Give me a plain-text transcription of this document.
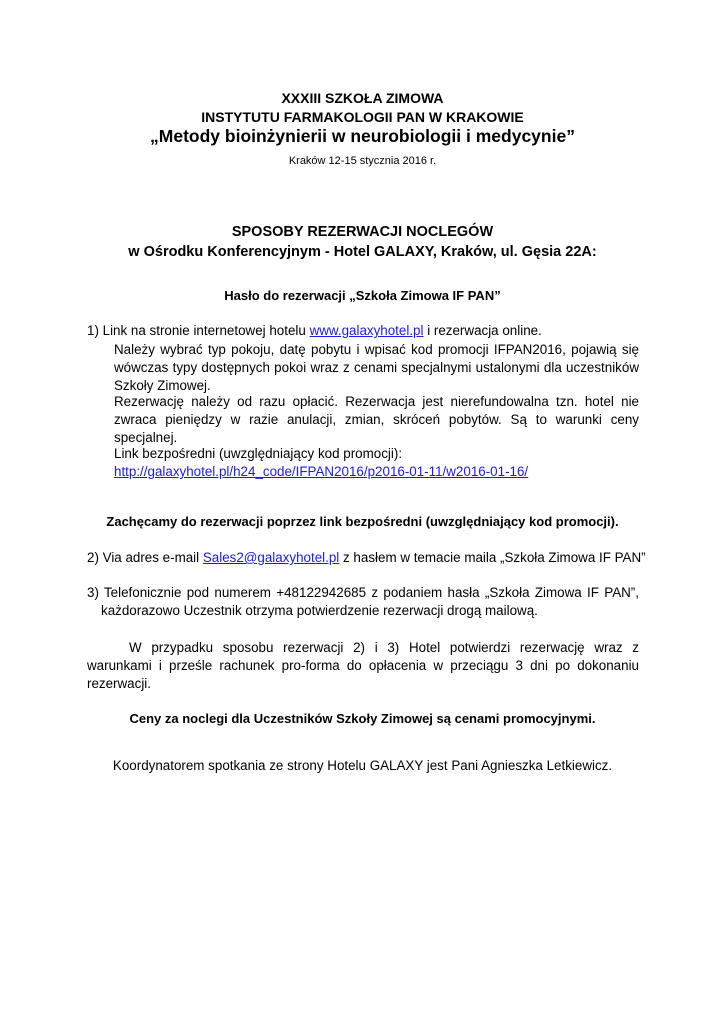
XXXIII SZKOŁA ZIMOWA
INSTYTUTU FARMAKOLOGII PAN W KRAKOWIE
„Metody bioinżynierii w neurobiologii i medycynie”
Kraków 12-15 stycznia 2016 r.
SPOSOBY REZERWACJI NOCLEGÓW
w Ośrodku Konferencyjnym - Hotel GALAXY, Kraków, ul. Gęsia 22A:
Hasło do rezerwacji „Szkoła Zimowa IF PAN”
1) Link na stronie internetowej hotelu www.galaxyhotel.pl i rezerwacja online.
Należy wybrać typ pokoju, datę pobytu i wpisać kod promocji IFPAN2016, pojawią się wówczas typy dostępnych pokoi wraz z cenami specjalnymi ustalonymi dla uczestników Szkoły Zimowej.
Rezerwację należy od razu opłacić. Rezerwacja jest nierefundowalna tzn. hotel nie zwraca pieniędzy w razie anulacji, zmian, skróceń pobytów. Są to warunki ceny specjalnej.
Link bezpośredni (uwzględniający kod promocji):
http://galaxyhotel.pl/h24_code/IFPAN2016/p2016-01-11/w2016-01-16/
Zachęcamy do rezerwacji poprzez link bezpośredni (uwzględniający kod promocji).
2) Via adres e-mail Sales2@galaxyhotel.pl z hasłem w temacie maila „Szkoła Zimowa IF PAN”
3) Telefonicznie pod numerem +48122942685 z podaniem hasła „Szkoła Zimowa IF PAN”,
każdorazowo Uczestnik otrzyma potwierdzenie rezerwacji drogą mailową.
W przypadku sposobu rezerwacji 2) i 3) Hotel potwierdzi rezerwację wraz z warunkami i prześle rachunek pro-forma do opłacenia w przeciągu 3 dni po dokonaniu rezerwacji.
Ceny za noclegi dla Uczestników Szkoły Zimowej są cenami promocyjnymi.
Koordynatorem spotkania ze strony Hotelu GALAXY jest Pani Agnieszka Letkiewicz.
